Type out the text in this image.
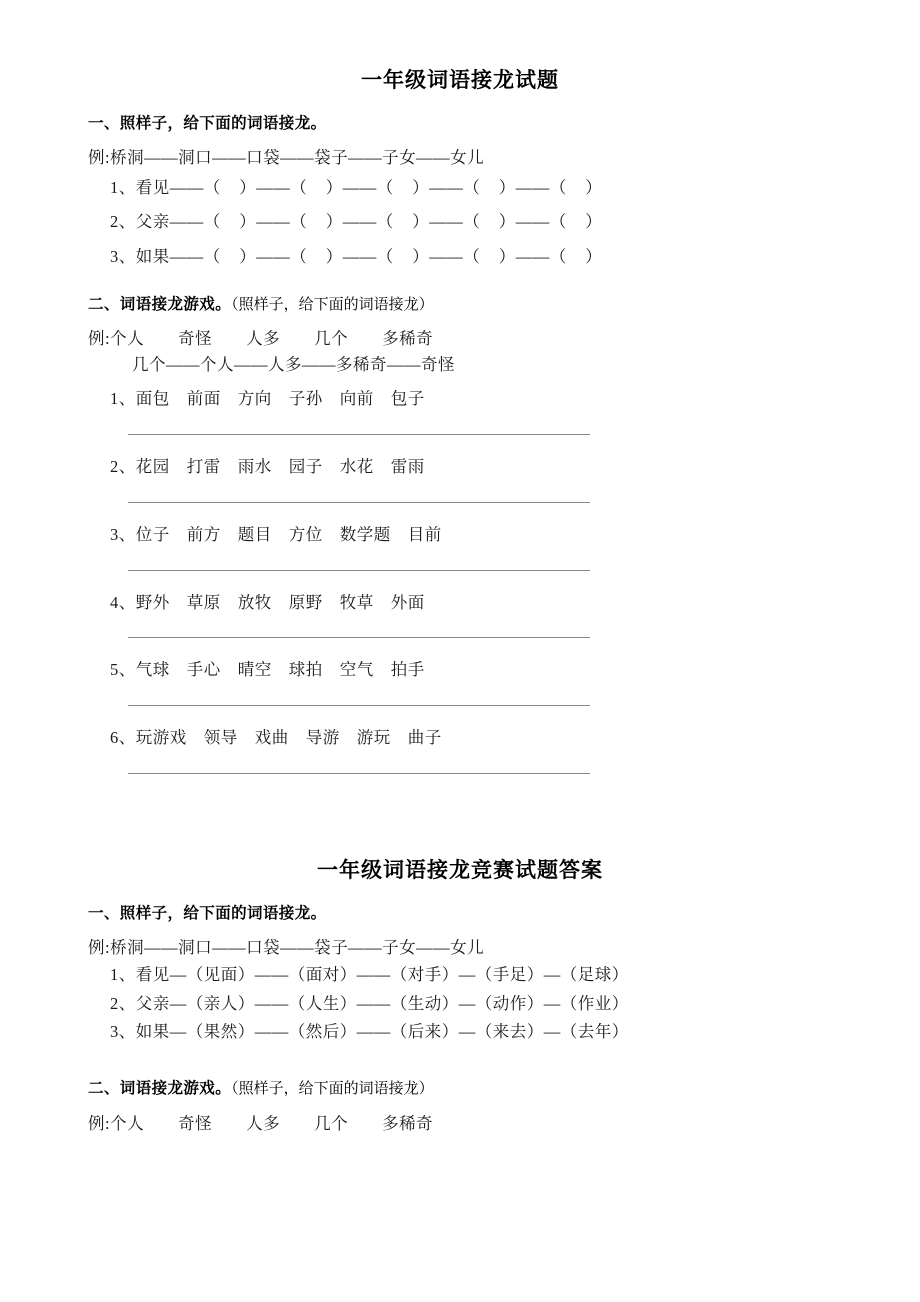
一年级词语接龙试题

一、照样子，给下面的词语接龙。

例:桥洞——洞口——口袋——袋子——子女——女儿

1、看见——（    ）——（    ）——（    ）——（    ）——（    ）

2、父亲——（    ）——（    ）——（    ）——（    ）——（    ）

3、如果——（    ）——（    ）——（    ）——（    ）——（    ）

二、词语接龙游戏。（照样子，给下面的词语接龙）

例:个人　　奇怪　　人多　　几个　　多稀奇

几个——个人——人多——多稀奇——奇怪

1、面包　前面　方向　子孙　向前　包子

2、花园　打雷　雨水　园子　水花　雷雨

3、位子　前方　题目　方位　数学题　目前

4、野外　草原　放牧　原野　牧草　外面

5、气球　手心　晴空　球拍　空气　拍手

6、玩游戏　领导　戏曲　导游　游玩　曲子

一年级词语接龙竞赛试题答案

一、照样子，给下面的词语接龙。

例:桥洞——洞口——口袋——袋子——子女——女儿

1、看见—（见面）——（面对）——（对手）—（手足）—（足球）

2、父亲—（亲人）——（人生）——（生动）—（动作）—（作业）

3、如果—（果然）——（然后）——（后来）—（来去）—（去年）

二、词语接龙游戏。（照样子，给下面的词语接龙）

例:个人　　奇怪　　人多　　几个　　多稀奇
